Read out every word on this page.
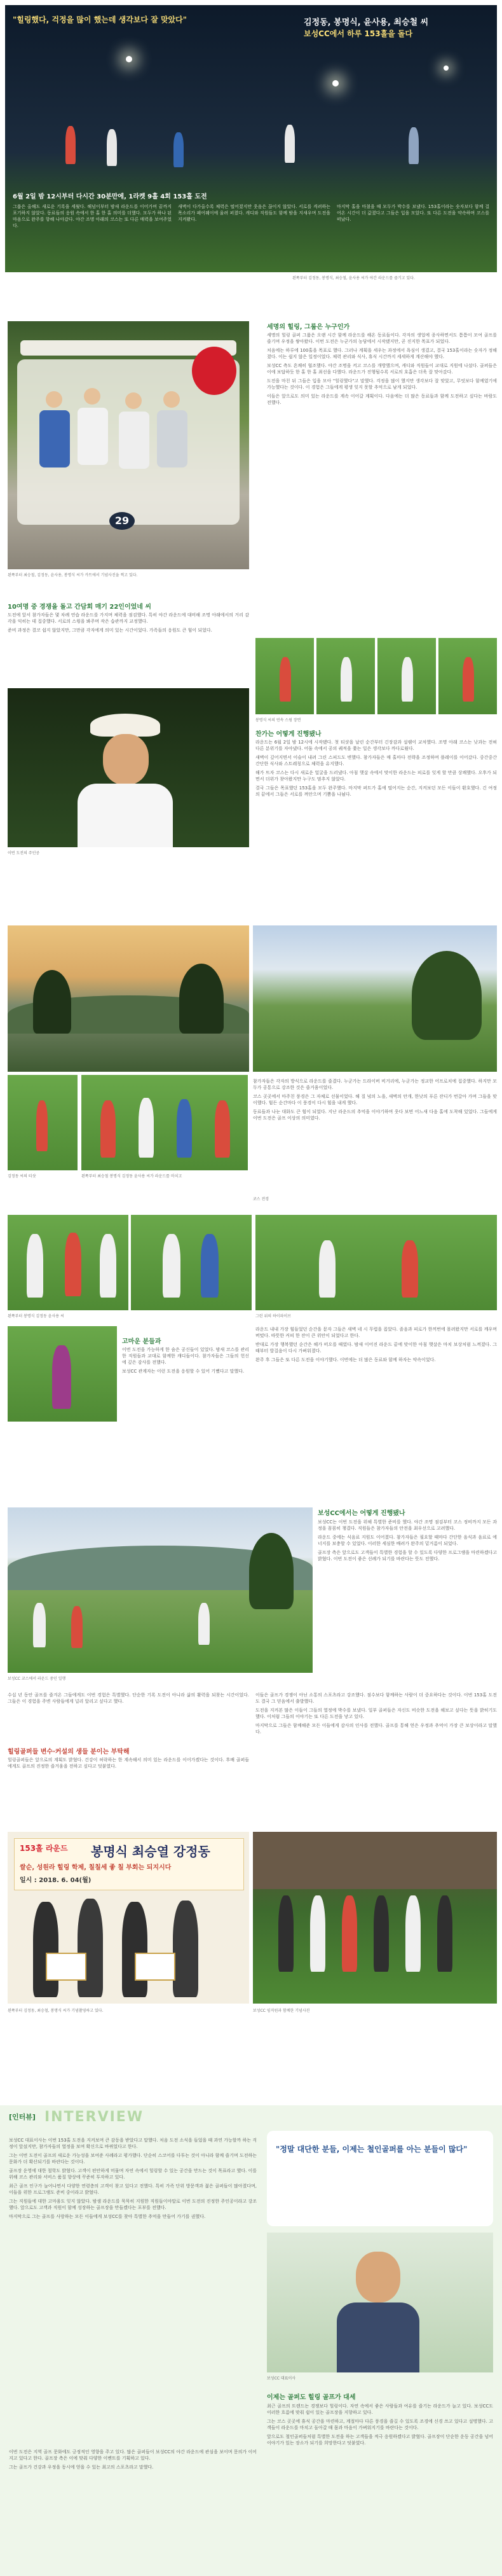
"힐링했다, 걱정을 많이 했는데 생각보다 잘 맞았다"	김정동, 봉명식, 윤사용, 최승철 씨
보성CC에서 하루 153홀을 돌다
6월 2일 밤 12시부터 다시간 30분만에, 1라켓 9홀 4회 153홀 도전

그룹은 올해도 새로운 기록을 세웠다. 해넘이부터 밤새 라운드를 이어가며 끝까지 포기하지 않았다. 동료들의 응원 속에서 한 홀 한 홀 의미를 더했다. 모두가 하나 된 마음으로 완주를 향해 나아갔다. 야간 조명 아래의 코스는 또 다른 매력을 보여주었다.

새벽이 다가올수록 체력은 떨어졌지만 웃음은 끊이지 않았다. 서로를 격려하는 목소리가 페어웨이에 울려 퍼졌다. 캐디와 직원들도 함께 밤을 지새우며 도전을 지켜봤다.

마지막 홀을 마쳤을 때 모두가 박수를 보냈다. 153홀이라는 숫자보다 함께 걸어온 시간이 더 값졌다고 그들은 입을 모았다. 또 다른 도전을 약속하며 코스를 떠났다.

왼쪽부터 김정동, 봉명식, 최승철, 윤사용 씨가 야간 라운드를 즐기고 있다.
29
왼쪽부터 최승철, 김정동, 윤사용, 봉명식 씨가 카트에서 기념사진을 찍고 있다.
세명의 힐링, 그룹은 누구인가

세명의 힐링 골퍼 그룹은 오랜 시간 함께 라운드를 해온 동료들이다. 각자의 생업에 종사하면서도 틈틈이 모여 골프를 즐기며 우정을 쌓아왔다. 이번 도전은 누군가의 농담에서 시작됐지만, 곧 진지한 목표가 되었다.

처음에는 하루에 100홀을 목표로 했다. 그러나 계획을 세우는 과정에서 욕심이 생겼고, 결국 153홀이라는 숫자가 정해졌다. 이는 쉽지 않은 일정이었다. 체력 관리와 식사, 휴식 시간까지 세세하게 계산해야 했다.

보성CC 측도 흔쾌히 협조했다. 야간 조명을 켜고 코스를 개방했으며, 캐디와 직원들이 교대로 지원에 나섰다. 골퍼들은 이에 보답하듯 한 홀 한 홀 최선을 다했다. 라운드가 진행될수록 서로의 호흡은 더욱 잘 맞아갔다.

도전을 마친 뒤 그들은 입을 모아 "힐링했다"고 말했다. 걱정을 많이 했지만 생각보다 잘 맞았고, 무엇보다 함께였기에 가능했다는 것이다. 이 경험은 그들에게 평생 잊지 못할 추억으로 남게 되었다.

이들은 앞으로도 의미 있는 라운드를 계속 이어갈 계획이다. 다음에는 더 많은 동료들과 함께 도전하고 싶다는 바람도 전했다.

10여명 중 경쟁을 돌고 간담회 매기 22인이었네 씨

도전에 앞서 참가자들은 몇 차례 연습 라운드를 가지며 체력을 점검했다. 특히 야간 라운드에 대비해 조명 아래에서의 거리 감각을 익히는 데 집중했다. 서로의 스윙을 봐주며 작은 습관까지 교정했다.

준비 과정은 결코 쉽지 않았지만, 그만큼 각자에게 의미 있는 시간이었다. 가족들의 응원도 큰 힘이 되었다.

이번 도전의 주인공
봉명식 씨의 연속 스윙 장면
찬가는 어떻게 진행됐나

라운드는 6월 2일 밤 12시에 시작됐다. 첫 티샷을 날린 순간부터 긴장감과 설렘이 교차했다. 조명 아래 코스는 낮과는 전혀 다른 분위기를 자아냈다. 어둠 속에서 공의 궤적을 쫓는 일은 생각보다 까다로웠다.

새벽이 깊어지면서 이슬이 내려 그린 스피드도 변했다. 참가자들은 매 홀마다 전략을 조정하며 플레이를 이어갔다. 중간중간 간단한 식사와 스트레칭으로 체력을 유지했다.

해가 뜨자 코스는 다시 새로운 얼굴을 드러냈다. 아침 햇살 속에서 맞이한 라운드는 피로를 잊게 할 만큼 상쾌했다. 오후가 되면서 더위가 찾아왔지만 누구도 멈추지 않았다.

결국 그들은 목표했던 153홀을 모두 완주했다. 마지막 퍼트가 홀에 떨어지는 순간, 지켜보던 모든 이들이 환호했다. 긴 여정의 끝에서 그들은 서로를 껴안으며 기쁨을 나눴다.

김정동 씨의 티샷	왼쪽부터 최승철 봉명식 김정동 윤사용 씨가 라운드를 마치고

참가자들은 각자의 방식으로 라운드를 즐겼다. 누군가는 드라이버 비거리에, 누군가는 정교한 어프로치에 집중했다. 하지만 모두가 공통으로 강조한 것은 즐거움이었다.

코스 곳곳에서 마주친 풍경은 그 자체로 선물이었다. 해 질 녘의 노을, 새벽의 안개, 한낮의 푸른 잔디가 번갈아 가며 그들을 맞이했다. 힘든 순간마다 이 풍경이 다시 힘을 내게 했다.

동료들과 나눈 대화도 큰 힘이 되었다. 지난 라운드의 추억을 이야기하며 웃다 보면 어느새 다음 홀에 도착해 있었다. 그들에게 이번 도전은 골프 이상의 의미였다.

코스 전경
왼쪽부터 봉명식 김정동 윤사용 씨	그린 위의 하이파이브
고마운 분들과

이번 도전을 가능하게 한 숨은 공신들이 있었다. 밤새 코스를 관리한 직원들과 교대로 함께한 캐디들이다. 참가자들은 그들의 헌신에 깊은 감사를 전했다.

보성CC 관계자는 이런 도전을 응원할 수 있어 기뻤다고 말했다.

라운드 내내 가장 힘들었던 순간을 묻자 그들은 새벽 네 시 무렵을 꼽았다. 졸음과 피로가 한꺼번에 몰려왔지만 서로를 깨우며 버텼다. 따뜻한 커피 한 잔이 큰 위안이 되었다고 한다.

반대로 가장 행복했던 순간은 해가 떠오를 때였다. 밤새 이어진 라운드 끝에 맞이한 아침 햇살은 마치 보상처럼 느껴졌다. 그때부터 발걸음이 다시 가벼워졌다.

완주 후 그들은 또 다른 도전을 이야기했다. 이번에는 더 많은 동료와 함께 하자는 약속이었다.

보성CC 코스에서 라운드 중인 일행
보성CC에서는 어떻게 진행됐나

보성CC는 이번 도전을 위해 특별한 준비를 했다. 야간 조명 점검부터 코스 정비까지 모든 과정을 꼼꼼히 챙겼다. 직원들은 참가자들의 안전을 최우선으로 고려했다.

라운드 중에는 식음료 지원도 이어졌다. 참가자들은 필요할 때마다 간단한 음식과 음료로 에너지를 보충할 수 있었다. 이러한 세심한 배려가 완주의 밑거름이 되었다.

골프장 측은 앞으로도 고객들이 특별한 경험을 할 수 있도록 다양한 프로그램을 마련하겠다고 밝혔다. 이번 도전이 좋은 선례가 되기를 바란다는 뜻도 전했다.

수십 년 동안 골프를 즐겨온 그들에게도 이번 경험은 특별했다. 단순한 기록 도전이 아니라 삶의 활력을 되찾는 시간이었다. 그들은 이 경험을 주변 사람들에게 널리 알리고 싶다고 했다.

힐링골퍼들 변수·커설의 생들 분이는 부탁해

힐링골퍼들은 앞으로의 계획도 밝혔다. 건강이 허락하는 한 계속해서 의미 있는 라운드를 이어가겠다는 것이다. 후배 골퍼들에게도 골프의 진정한 즐거움을 전하고 싶다고 덧붙였다.

이들은 골프가 경쟁이 아닌 소통의 스포츠라고 강조했다. 점수보다 함께하는 사람이 더 중요하다는 것이다. 이번 153홀 도전도 결국 그 믿음에서 출발했다.

도전을 지켜본 많은 이들이 그들의 열정에 박수를 보냈다. 일부 골퍼들은 자신도 비슷한 도전을 해보고 싶다는 뜻을 밝히기도 했다. 이처럼 그들의 이야기는 또 다른 도전을 낳고 있다.

마지막으로 그들은 함께해준 모든 이들에게 감사의 인사를 전했다. 골프를 통해 얻은 우정과 추억이 가장 큰 보상이라고 말했다.

153홀 라운드 봉명식 최승열 강정동
쌀순, 성원라 힐링 학제, 칠칠세 좋 칠 부회는 되지시다
일시 : 2018. 6. 04(월)
왼쪽부터 김정동, 최승철, 봉명식 씨가 기념촬영하고 있다.	보성CC 임직원과 함께한 기념사진
[인터뷰] INTERVIEW

보성CC 대표이사는 이번 153홀 도전을 지켜보며 큰 감동을 받았다고 말했다. 처음 도전 소식을 들었을 때 과연 가능할까 하는 걱정이 앞섰지만, 참가자들의 열정을 보며 확신으로 바뀌었다고 한다.

그는 이번 도전이 골프의 새로운 가능성을 보여준 사례라고 평가했다. 단순히 스코어를 다투는 것이 아니라 함께 즐기며 도전하는 문화가 더 확산되기를 바란다는 것이다.

골프장 운영에 대한 철학도 밝혔다. 고객이 편안하게 머물며 자연 속에서 힐링할 수 있는 공간을 만드는 것이 목표라고 했다. 이를 위해 코스 관리와 서비스 품질 향상에 꾸준히 투자하고 있다.

최근 골프 인구가 늘어나면서 다양한 연령층의 고객이 찾고 있다고 전했다. 특히 가족 단위 방문객과 젊은 골퍼들이 많아졌다며, 이들을 위한 프로그램도 준비 중이라고 밝혔다.

그는 직원들에 대한 고마움도 잊지 않았다. 밤샘 라운드를 묵묵히 지원한 직원들이야말로 이번 도전의 진정한 주인공이라고 강조했다. 앞으로도 고객과 직원이 함께 성장하는 골프장을 만들겠다는 포부를 전했다.

마지막으로 그는 골프를 사랑하는 모든 이들에게 보성CC를 찾아 특별한 추억을 만들어 가기를 권했다.

"정말 대단한 분들, 이제는 철인골퍼를 아는 분들이 많다"
보성CC 대표이사

이번 도전은 지역 골프 문화에도 긍정적인 영향을 주고 있다. 많은 골퍼들이 보성CC의 야간 라운드에 관심을 보이며 문의가 이어지고 있다고 한다. 골프장 측은 이에 맞춰 다양한 이벤트를 기획하고 있다.

그는 골프가 건강과 우정을 동시에 얻을 수 있는 최고의 스포츠라고 말했다.

이제는 골퍼도 힐링 골프가 대세

최근 골프의 트렌드는 경쟁보다 힐링이다. 자연 속에서 좋은 사람들과 여유를 즐기는 라운드가 늘고 있다. 보성CC도 이러한 흐름에 맞춰 쉼이 있는 골프장을 지향하고 있다.

그는 코스 곳곳에 휴식 공간을 마련하고, 계절마다 다른 풍경을 즐길 수 있도록 조경에 신경 쓰고 있다고 설명했다. 고객들이 라운드를 마치고 돌아갈 때 몸과 마음이 가벼워지기를 바란다는 것이다.

앞으로도 철인골퍼들처럼 특별한 도전을 하는 고객들을 적극 응원하겠다고 밝혔다. 골프장이 단순한 운동 공간을 넘어 이야기가 있는 장소가 되기를 희망한다고 덧붙였다.
